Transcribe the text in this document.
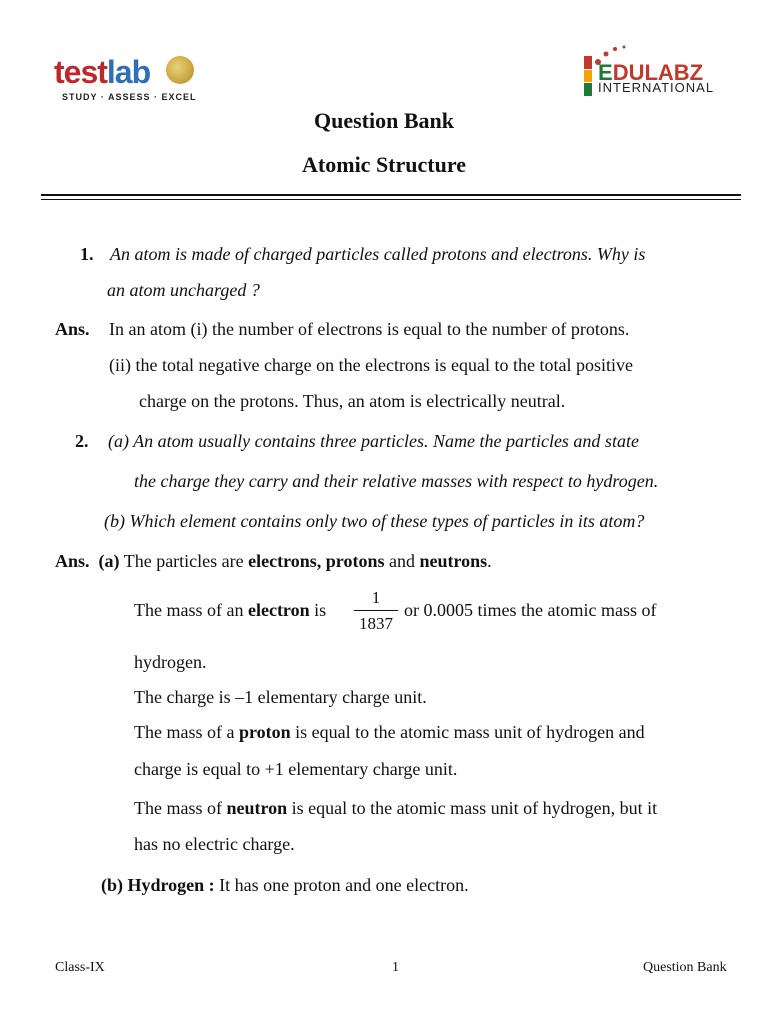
testlab
STUDY · ASSESS · EXCEL
EDULABZ
INTERNATIONAL
Question Bank
Atomic Structure
1. An atom is made of charged particles called protons and electrons. Why is
an atom uncharged ?
Ans. In an atom (i) the number of electrons is equal to the number of protons.
(ii) the total negative charge on the electrons is equal to the total positive
charge on the protons. Thus, an atom is electrically neutral.
2. (a) An atom usually contains three particles. Name the particles and state
the charge they carry and their relative masses with respect to hydrogen.
(b) Which element contains only two of these types of particles in its atom?
Ans. (a) The particles are electrons, protons and neutrons.
The mass of an electron is
1
1837
or 0.0005 times the atomic mass of
hydrogen.
The charge is –1 elementary charge unit.
The mass of a proton is equal to the atomic mass unit of hydrogen and
charge is equal to +1 elementary charge unit.
The mass of neutron is equal to the atomic mass unit of hydrogen, but it
has no electric charge.
(b) Hydrogen : It has one proton and one electron.
Class-IX	1	Question Bank
